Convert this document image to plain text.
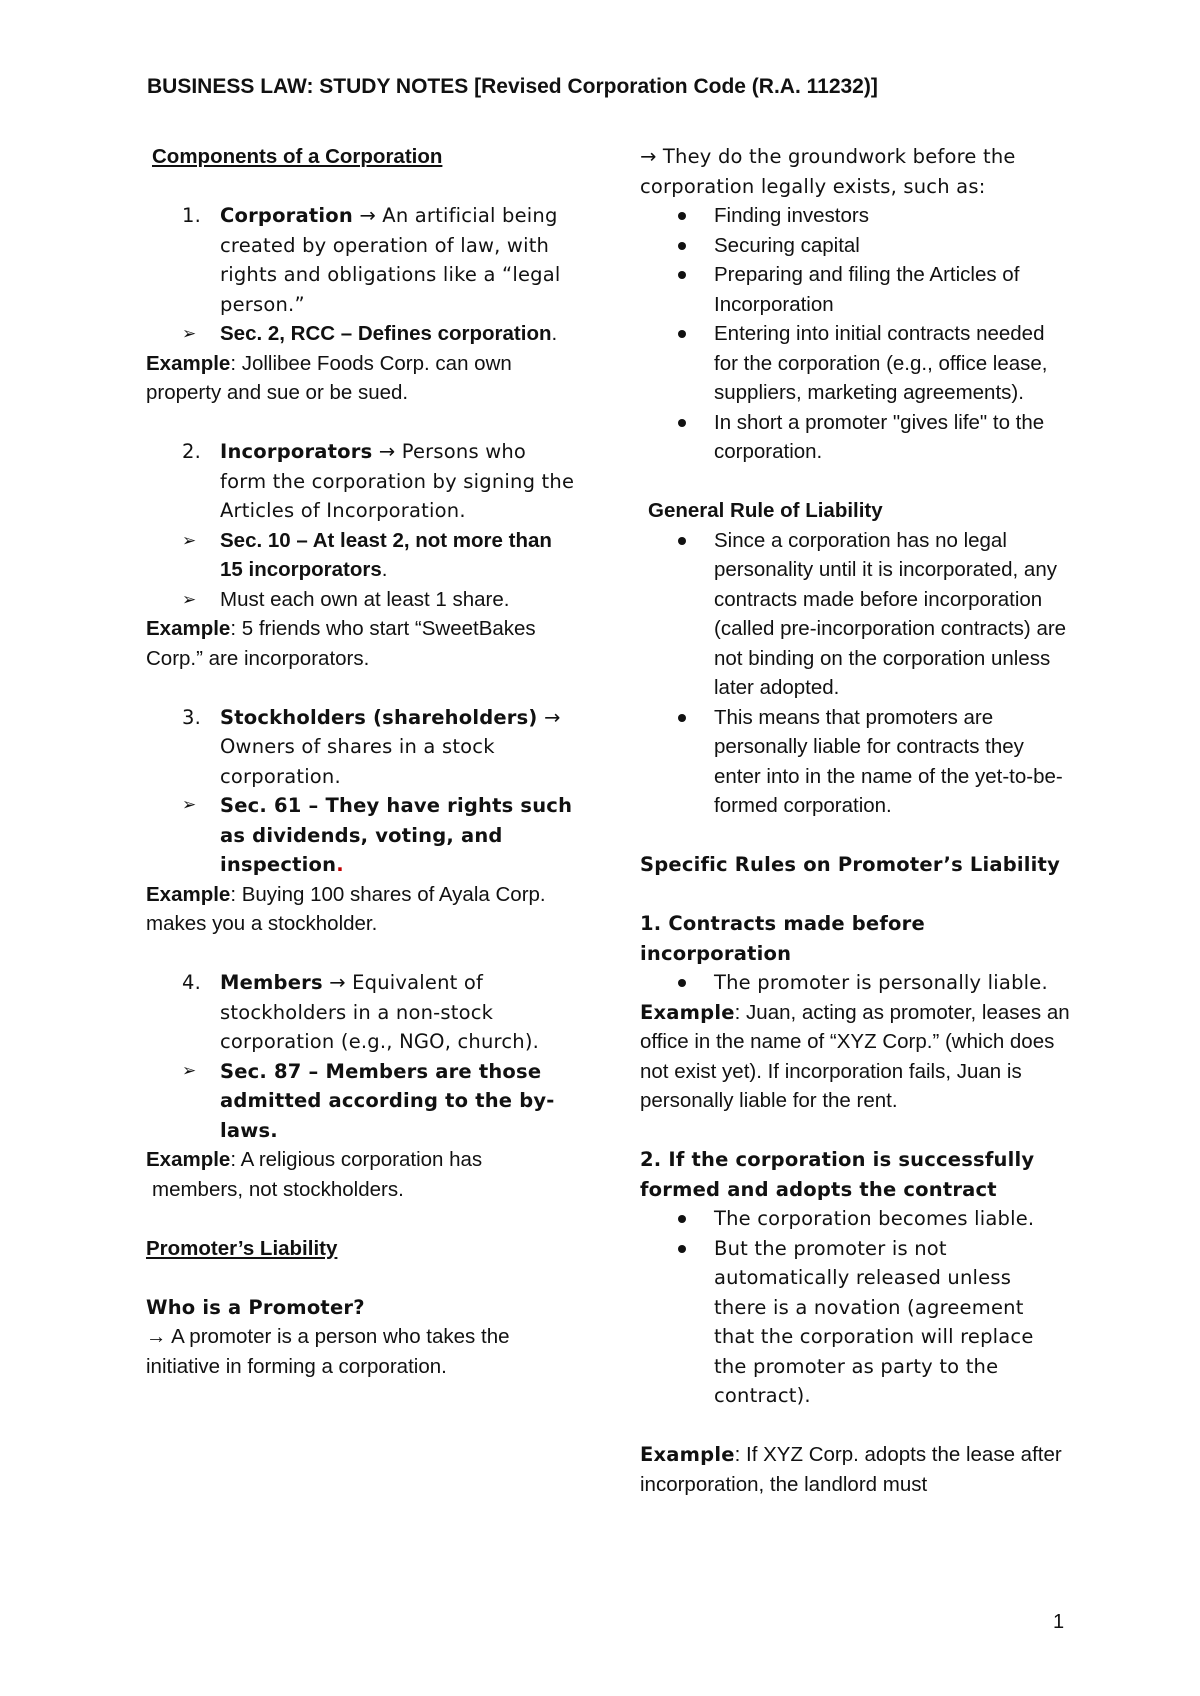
BUSINESS LAW: STUDY NOTES [Revised Corporation Code (R.A. 11232)]

Components of a Corporation

1. Corporation → An artificial being created by operation of law, with rights and obligations like a “legal person.”
➢ Sec. 2, RCC – Defines corporation.

Example: Jollibee Foods Corp. can own property and sue or be sued.

2. Incorporators → Persons who form the corporation by signing the Articles of Incorporation.
➢ Sec. 10 – At least 2, not more than 15 incorporators.
➢ Must each own at least 1 share.

Example: 5 friends who start “SweetBakes Corp.” are incorporators.

3. Stockholders (shareholders) → Owners of shares in a stock corporation.
➢ Sec. 61 – They have rights such as dividends, voting, and inspection.

Example: Buying 100 shares of Ayala Corp. makes you a stockholder.

4. Members → Equivalent of stockholders in a non-stock corporation (e.g., NGO, church).
➢ Sec. 87 – Members are those admitted according to the by-laws.

Example: A religious corporation has members, not stockholders.

Promoter’s Liability

Who is a Promoter?

→ A promoter is a person who takes the initiative in forming a corporation.

→ They do the groundwork before the corporation legally exists, such as:

Finding investors
Securing capital
Preparing and filing the Articles of Incorporation
Entering into initial contracts needed for the corporation (e.g., office lease, suppliers, marketing agreements).
In short a promoter "gives life" to the corporation.

General Rule of Liability

Since a corporation has no legal personality until it is incorporated, any contracts made before incorporation (called pre-incorporation contracts) are not binding on the corporation unless later adopted.
This means that promoters are personally liable for contracts they enter into in the name of the yet-to-be-formed corporation.

Specific Rules on Promoter’s Liability

1. Contracts made before incorporation

The promoter is personally liable.

Example: Juan, acting as promoter, leases an office in the name of “XYZ Corp.” (which does not exist yet). If incorporation fails, Juan is personally liable for the rent.

2. If the corporation is successfully formed and adopts the contract

The corporation becomes liable.
But the promoter is not automatically released unless there is a novation (agreement that the corporation will replace the promoter as party to the contract).

Example: If XYZ Corp. adopts the lease after incorporation, the landlord must

1
